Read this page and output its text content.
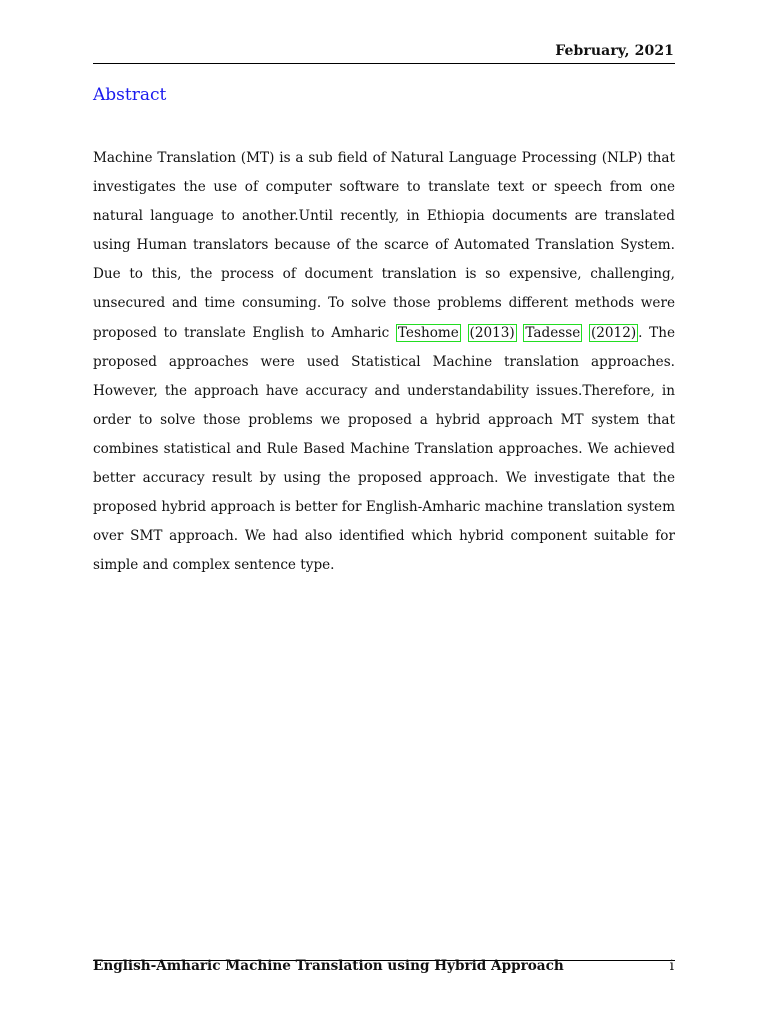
February, 2021
Abstract

Machine Translation (MT) is a sub field of Natural Language Processing (NLP) that investigates the use of computer software to translate text or speech from one natural language to another.Until recently, in Ethiopia documents are translated using Human translators because of the scarce of Automated Translation System. Due to this, the process of document translation is so expensive, challenging, unsecured and time consuming. To solve those problems different methods were proposed to translate English to Amharic Teshome (2013) Tadesse (2012) . The proposed approaches were used Statistical Machine translation approaches. However, the approach have accuracy and understandability issues.Therefore, in order to solve those problems we proposed a hybrid approach MT system that combines statistical and Rule Based Machine Translation approaches. We achieved better accuracy result by using the proposed approach. We investigate that the proposed hybrid approach is better for English-Amharic machine translation system over SMT approach. We had also identified which hybrid component suitable for simple and complex sentence type.

English-Amharic Machine Translation using Hybrid Approach	i
